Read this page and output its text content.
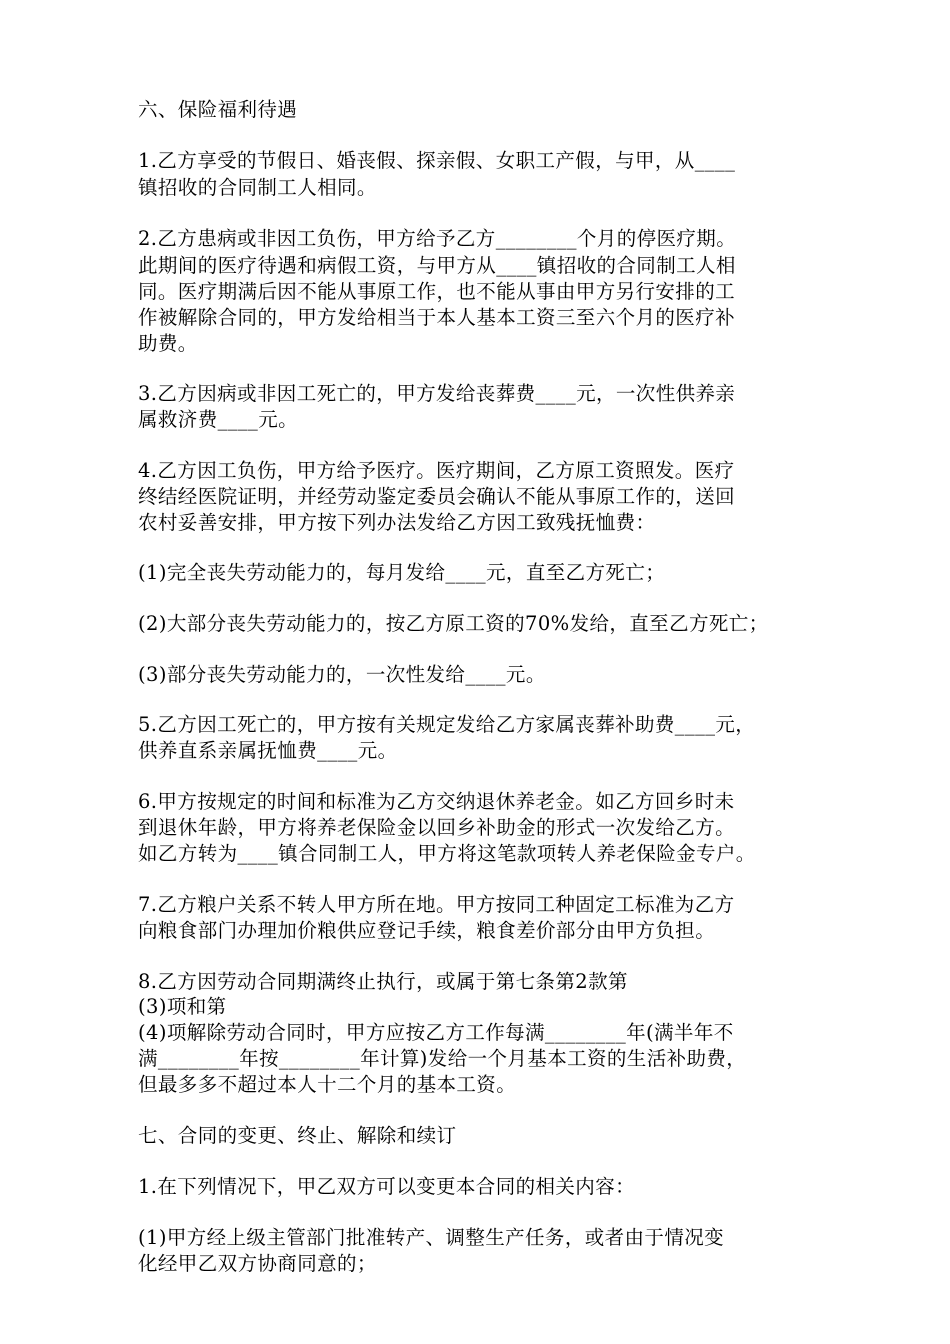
六、保险福利待遇
1.乙方享受的节假日、婚丧假、探亲假、女职工产假，与甲，从____
镇招收的合同制工人相同。
2.乙方患病或非因工负伤，甲方给予乙方________个月的停医疗期。
此期间的医疗待遇和病假工资，与甲方从____镇招收的合同制工人相
同。医疗期满后因不能从事原工作，也不能从事由甲方另行安排的工
作被解除合同的，甲方发给相当于本人基本工资三至六个月的医疗补
助费。
3.乙方因病或非因工死亡的，甲方发给丧葬费____元，一次性供养亲
属救济费____元。
4.乙方因工负伤，甲方给予医疗。医疗期间，乙方原工资照发。医疗
终结经医院证明，并经劳动鉴定委员会确认不能从事原工作的，送回
农村妥善安排，甲方按下列办法发给乙方因工致残抚恤费：
(1)完全丧失劳动能力的，每月发给____元，直至乙方死亡；
(2)大部分丧失劳动能力的，按乙方原工资的70%发给，直至乙方死亡；
(3)部分丧失劳动能力的，一次性发给____元。
5.乙方因工死亡的，甲方按有关规定发给乙方家属丧葬补助费____元，
供养直系亲属抚恤费____元。
6.甲方按规定的时间和标准为乙方交纳退休养老金。如乙方回乡时未
到退休年龄，甲方将养老保险金以回乡补助金的形式一次发给乙方。
如乙方转为____镇合同制工人，甲方将这笔款项转人养老保险金专户。
7.乙方粮户关系不转人甲方所在地。甲方按同工种固定工标准为乙方
向粮食部门办理加价粮供应登记手续，粮食差价部分由甲方负担。
8.乙方因劳动合同期满终止执行，或属于第七条第2款第
(3)项和第
(4)项解除劳动合同时，甲方应按乙方工作每满________年(满半年不
满________年按________年计算)发给一个月基本工资的生活补助费，
但最多多不超过本人十二个月的基本工资。
七、合同的变更、终止、解除和续订
1.在下列情况下，甲乙双方可以变更本合同的相关内容：
(1)甲方经上级主管部门批准转产、调整生产任务，或者由于情况变
化经甲乙双方协商同意的；
